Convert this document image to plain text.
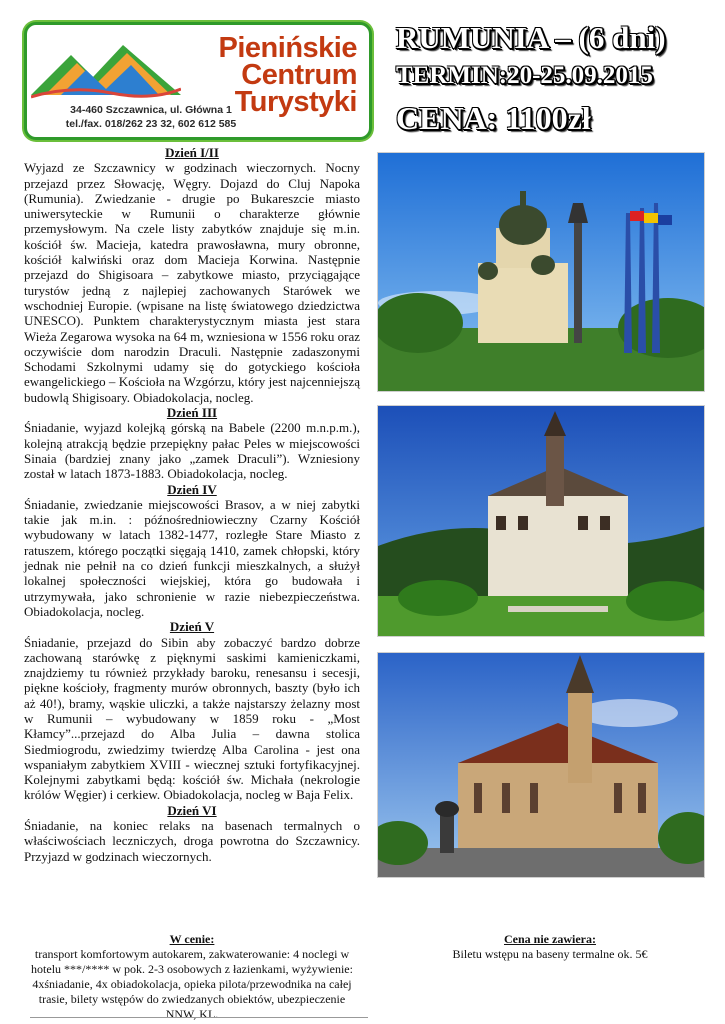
Pienińskie
Centrum
Turystyki
34-460 Szczawnica, ul. Główna 1
tel./fax. 018/262 23 32, 602 612 585
RUMUNIA – (6 dni)
TERMIN:20-25.09.2015
CENA: 1100zł
Dzień I/II

Wyjazd ze Szczawnicy w godzinach wieczornych. Nocny przejazd przez Słowację, Węgry. Dojazd do Cluj Napoka (Rumunia). Zwiedzanie - drugie po Bukareszcie miasto uniwersyteckie w Rumunii o charakterze głównie przemysłowym. Na czele listy zabytków znajduje się m.in. kościół św. Macieja, katedra prawosławna, mury obronne, kościół kalwiński oraz dom Macieja Korwina. Następnie przejazd do Shigisoara – zabytkowe miasto, przyciągające turystów jedną z najlepiej zachowanych Starówek we wschodniej Europie. (wpisane na listę światowego dziedzictwa UNESCO). Punktem charakterystycznym miasta jest stara Wieża Zegarowa wysoka na 64 m, wzniesiona w 1556 roku oraz oczywiście dom narodzin Draculi. Następnie zadaszonymi Schodami Szkolnymi udamy się do gotyckiego kościoła ewangelickiego – Kościoła na Wzgórzu, który jest najcenniejszą budowlą Shigisoary. Obiadokolacja, nocleg.

Dzień III

Śniadanie, wyjazd kolejką górską na Babele (2200 m.n.p.m.), kolejną atrakcją będzie przepiękny pałac Peles w miejscowości Sinaia (bardziej znany jako „zamek Draculi”). Wzniesiony został w latach 1873-1883. Obiadokolacja, nocleg.

Dzień IV

Śniadanie, zwiedzanie miejscowości Brasov, a w niej zabytki takie jak m.in. : późnośredniowieczny Czarny Kościół wybudowany w latach 1382-1477, rozległe Stare Miasto z ratuszem, którego początki sięgają 1410, zamek chłopski, który jednak nie pełnił na co dzień funkcji mieszkalnych, a służył lokalnej społeczności wiejskiej, która go budowała i utrzymywała, jako schronienie w razie niebezpieczeństwa. Obiadokolacja, nocleg.

Dzień V

Śniadanie, przejazd do Sibin aby zobaczyć bardzo dobrze zachowaną starówkę z pięknymi saskimi kamieniczkami, znajdziemy tu również przykłady baroku, renesansu i secesji, piękne kościoły, fragmenty murów obronnych, baszty (było ich aż 40!), bramy, wąskie uliczki, a także najstarszy żelazny most w Rumunii – wybudowany w 1859 roku - „Most Kłamcy”...przejazd do Alba Julia – dawna stolica Siedmiogrodu, zwiedzimy twierdzę Alba Carolina - jest ona wspaniałym zabytkiem XVIII - wiecznej sztuki fortyfikacyjnej. Kolejnymi zabytkami będą: kościół św. Michała (nekrologie królów Węgier) i cerkiew. Obiadokolacja, nocleg w Baja Felix.

Dzień VI

Śniadanie, na koniec relaks na basenach termalnych o właściwościach leczniczych, droga powrotna do Szczawnicy. Przyjazd w godzinach wieczornych.

W cenie:
transport komfortowym autokarem, zakwaterowanie: 4 noclegi w hotelu ***/**** w pok. 2-3 osobowych z łazienkami, wyżywienie: 4xśniadanie, 4x obiadokolacja, opieka pilota/przewodnika na całej trasie, bilety wstępów do zwiedzanych obiektów, ubezpieczenie NNW, KL.
Cena nie zawiera:
Biletu wstępu na baseny termalne ok. 5€
